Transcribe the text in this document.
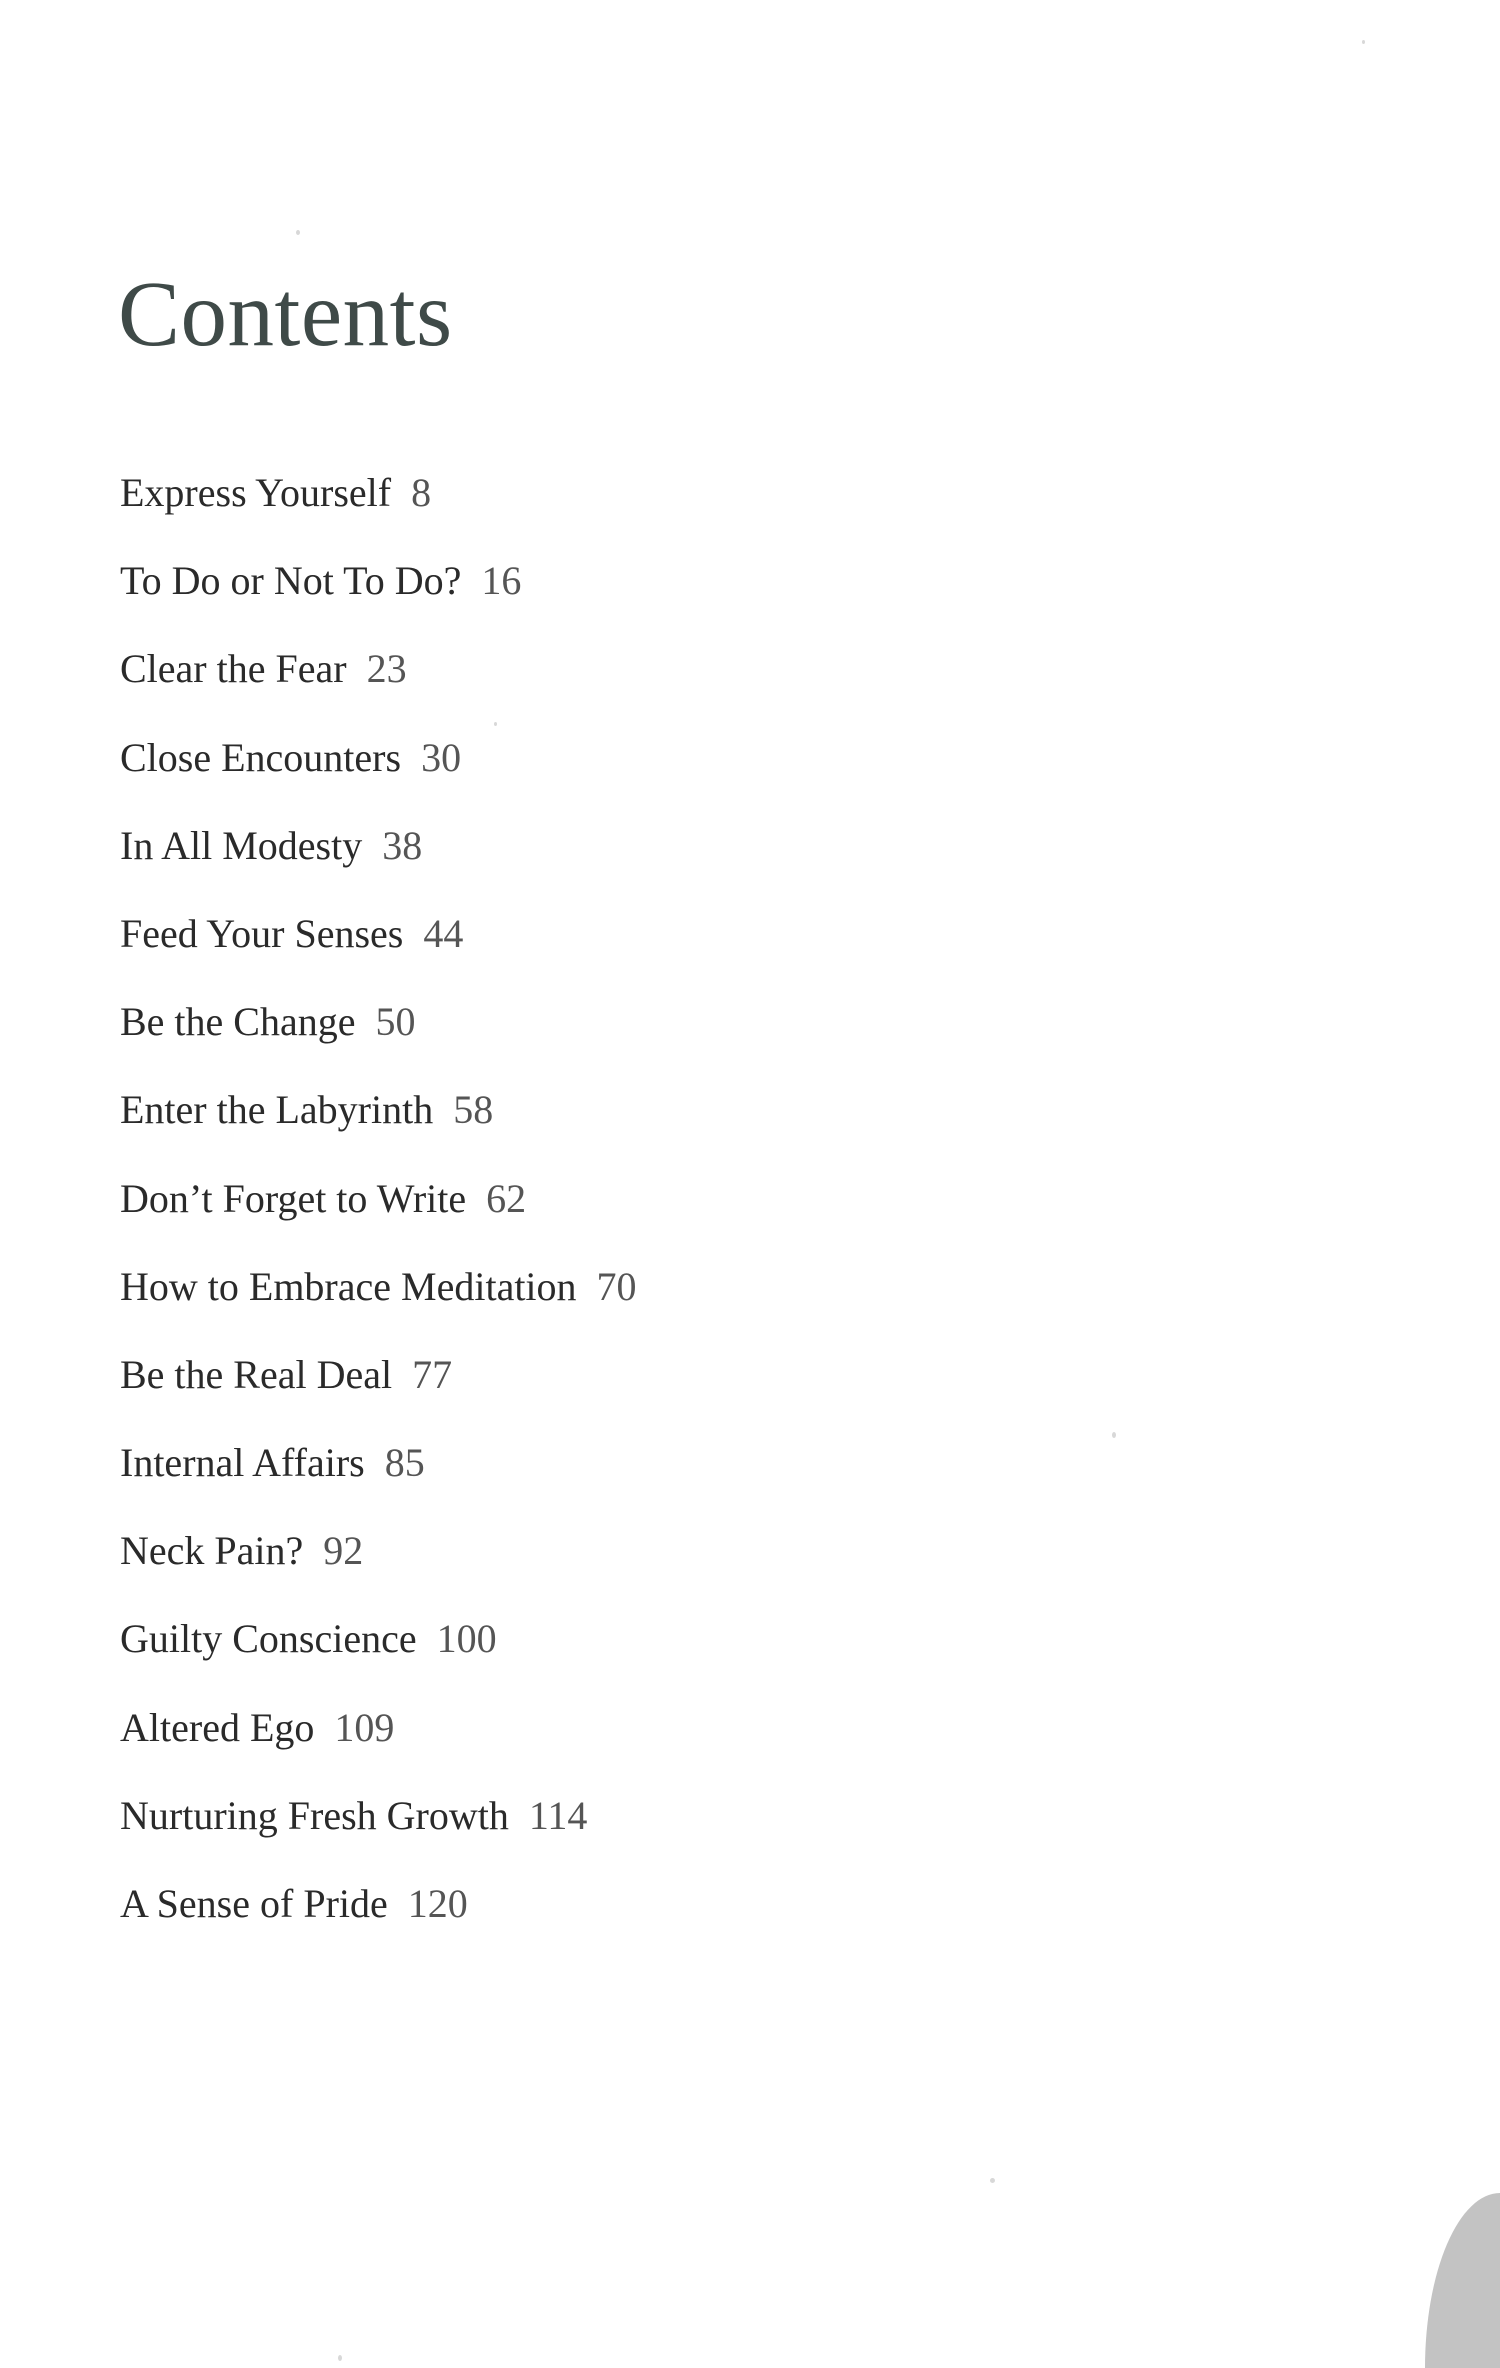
Contents
Express Yourself 8
To Do or Not To Do? 16
Clear the Fear 23
Close Encounters 30
In All Modesty 38
Feed Your Senses 44
Be the Change 50
Enter the Labyrinth 58
Don’t Forget to Write 62
How to Embrace Meditation 70
Be the Real Deal 77
Internal Affairs 85
Neck Pain? 92
Guilty Conscience 100
Altered Ego 109
Nurturing Fresh Growth 114
A Sense of Pride 120
